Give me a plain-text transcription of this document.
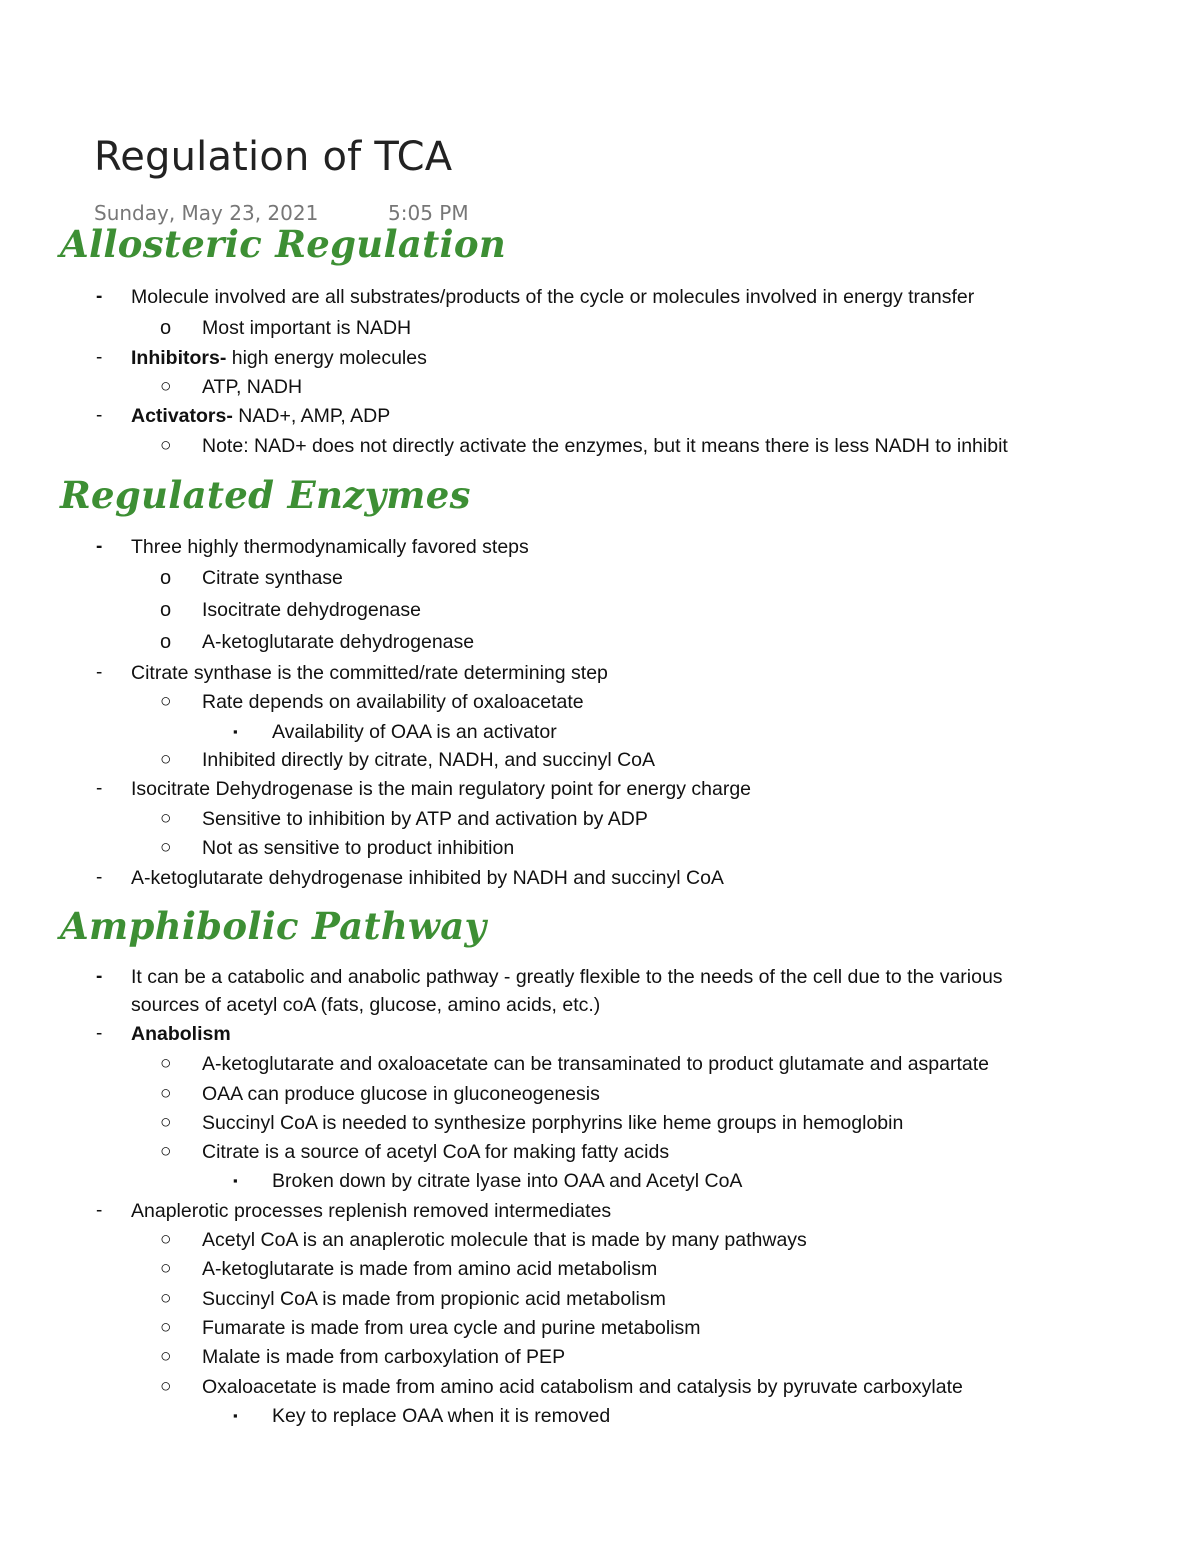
Regulation of TCA
Sunday, May 23, 2021	5:05 PM
Allosteric Regulation
- Molecule involved are all substrates/products of the cycle or molecules involved in energy transfer
o Most important is NADH
- Inhibitors- high energy molecules
○ ATP, NADH
- Activators- NAD+, AMP, ADP
○ Note: NAD+ does not directly activate the enzymes, but it means there is less NADH to inhibit
Regulated Enzymes
- Three highly thermodynamically favored steps
o Citrate synthase
o Isocitrate dehydrogenase
o A-ketoglutarate dehydrogenase
- Citrate synthase is the committed/rate determining step
○ Rate depends on availability of oxaloacetate
▪ Availability of OAA is an activator
○ Inhibited directly by citrate, NADH, and succinyl CoA
- Isocitrate Dehydrogenase is the main regulatory point for energy charge
○ Sensitive to inhibition by ATP and activation by ADP
○ Not as sensitive to product inhibition
- A-ketoglutarate dehydrogenase inhibited by NADH and succinyl CoA
Amphibolic Pathway
- It can be a catabolic and anabolic pathway - greatly flexible to the needs of the cell due to the various
sources of acetyl coA (fats, glucose, amino acids, etc.)
- Anabolism
○ A-ketoglutarate and oxaloacetate can be transaminated to product glutamate and aspartate
○ OAA can produce glucose in gluconeogenesis
○ Succinyl CoA is needed to synthesize porphyrins like heme groups in hemoglobin
○ Citrate is a source of acetyl CoA for making fatty acids
▪ Broken down by citrate lyase into OAA and Acetyl CoA
- Anaplerotic processes replenish removed intermediates
○ Acetyl CoA is an anaplerotic molecule that is made by many pathways
○ A-ketoglutarate is made from amino acid metabolism
○ Succinyl CoA is made from propionic acid metabolism
○ Fumarate is made from urea cycle and purine metabolism
○ Malate is made from carboxylation of PEP
○ Oxaloacetate is made from amino acid catabolism and catalysis by pyruvate carboxylate
▪ Key to replace OAA when it is removed
